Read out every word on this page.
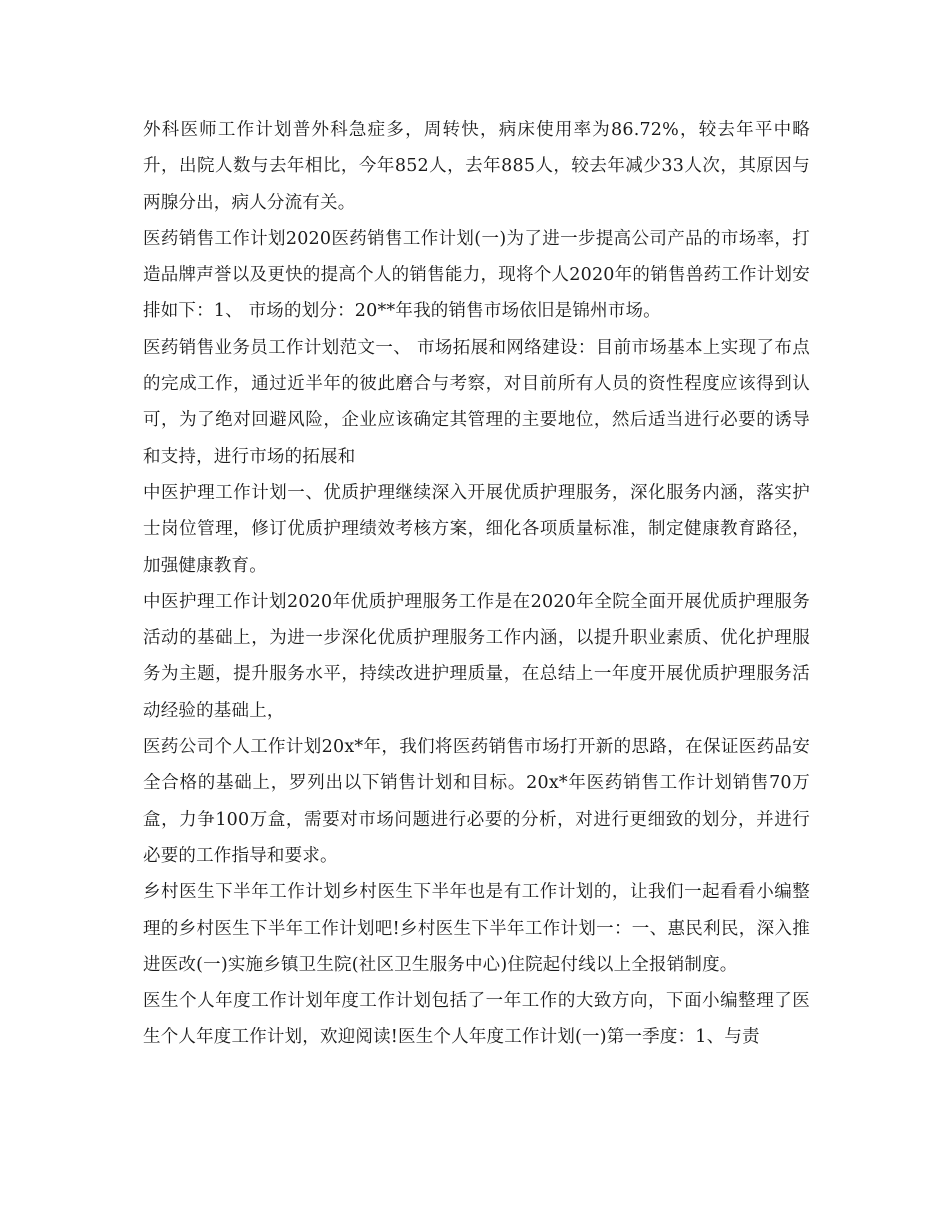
外科医师工作计划普外科急症多，周转快，病床使用率为86.72%，较去年平中略升，出院人数与去年相比，今年852人，去年885人，较去年减少33人次，其原因与两腺分出，病人分流有关。

医药销售工作计划2020医药销售工作计划(一)为了进一步提高公司产品的市场率，打造品牌声誉以及更快的提高个人的销售能力，现将个人2020年的销售兽药工作计划安排如下：1、 市场的划分：20**年我的销售市场依旧是锦州市场。

医药销售业务员工作计划范文一、 市场拓展和网络建设：目前市场基本上实现了布点的完成工作，通过近半年的彼此磨合与考察，对目前所有人员的资性程度应该得到认可，为了绝对回避风险，企业应该确定其管理的主要地位，然后适当进行必要的诱导和支持，进行市场的拓展和

中医护理工作计划一、优质护理继续深入开展优质护理服务，深化服务内涵，落实护士岗位管理，修订优质护理绩效考核方案，细化各项质量标准，制定健康教育路径，加强健康教育。

中医护理工作计划2020年优质护理服务工作是在2020年全院全面开展优质护理服务活动的基础上，为进一步深化优质护理服务工作内涵，以提升职业素质、优化护理服务为主题，提升服务水平，持续改进护理质量，在总结上一年度开展优质护理服务活动经验的基础上，

医药公司个人工作计划20x*年，我们将医药销售市场打开新的思路，在保证医药品安全合格的基础上，罗列出以下销售计划和目标。20x*年医药销售工作计划销售70万盒，力争100万盒，需要对市场问题进行必要的分析，对进行更细致的划分，并进行必要的工作指导和要求。

乡村医生下半年工作计划乡村医生下半年也是有工作计划的，让我们一起看看小编整理的乡村医生下半年工作计划吧!乡村医生下半年工作计划一：一、惠民利民，深入推进医改(一)实施乡镇卫生院(社区卫生服务中心)住院起付线以上全报销制度。

医生个人年度工作计划年度工作计划包括了一年工作的大致方向，下面小编整理了医生个人年度工作计划，欢迎阅读!医生个人年度工作计划(一)第一季度：1、与责
